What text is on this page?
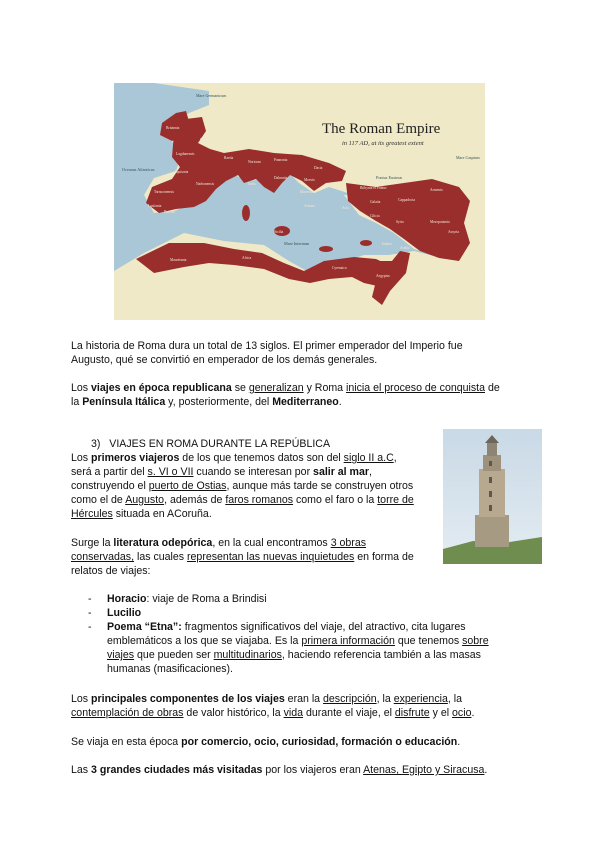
The Roman Empire
in 117 AD, at its greatest extent
Mare Germanicum
Oceanus Atlanticus
Pontus Euxinus
Mare Internum
Mare Caspium
Britannia
Belgica
Lugdunensis
Aquitania
Narbonensis
Tarraconensis
Lusitania
Baetica
Mauretania	Africa
Raetia
Noricum	Pannonia
Dacia
Moesia
Italia
Sicilia
Dalmatia
Macedonia
Achaea
Thracia
Asia
Bithynia et Pontus
Galatia	Cappadocia
Armenia
Syria
Cilicia
Mesopotamia
Assyria
Arabia
Aegyptus
Cyrenaica
Iudaea

La historia de Roma dura un total de 13 siglos. El primer emperador del Imperio fue

Augusto, qué se convirtió en emperador de los demás generales.

Los viajes en época republicana se generalizan y Roma inicia el proceso de conquista de

la Península Itálica y, posteriormente, del Mediterraneo.

3) VIAJES EN ROMA DURANTE LA REPÚBLICA

Los primeros viajeros de los que tenemos datos son del siglo II a.C,

será a partir del s. VI o VII cuando se interesan por salir al mar,

construyendo el puerto de Ostias, aunque más tarde se construyen otros

como el de Augusto, además de faros romanos como el faro o la torre de

Hércules situada en ACoruña.

Surge la literatura odepórica, en la cual encontramos 3 obras

conservadas, las cuales representan las nuevas inquietudes en forma de

relatos de viajes:

- Horacio: viaje de Roma a Brindisi
- Lucilio
- Poema “Etna”: fragmentos significativos del viaje, del atractivo, cita lugares
emblemáticos a los que se viajaba. Es la primera información que tenemos sobre
viajes que pueden ser multitudinarios, haciendo referencia también a las masas
humanas (masificaciones).

Los principales componentes de los viajes eran la descripción, la experiencia, la

contemplación de obras de valor histórico, la vida durante el viaje, el disfrute y el ocio.

Se viaja en esta época por comercio, ocio, curiosidad, formación o educación.

Las 3 grandes ciudades más visitadas por los viajeros eran Atenas, Egipto y Siracusa.
